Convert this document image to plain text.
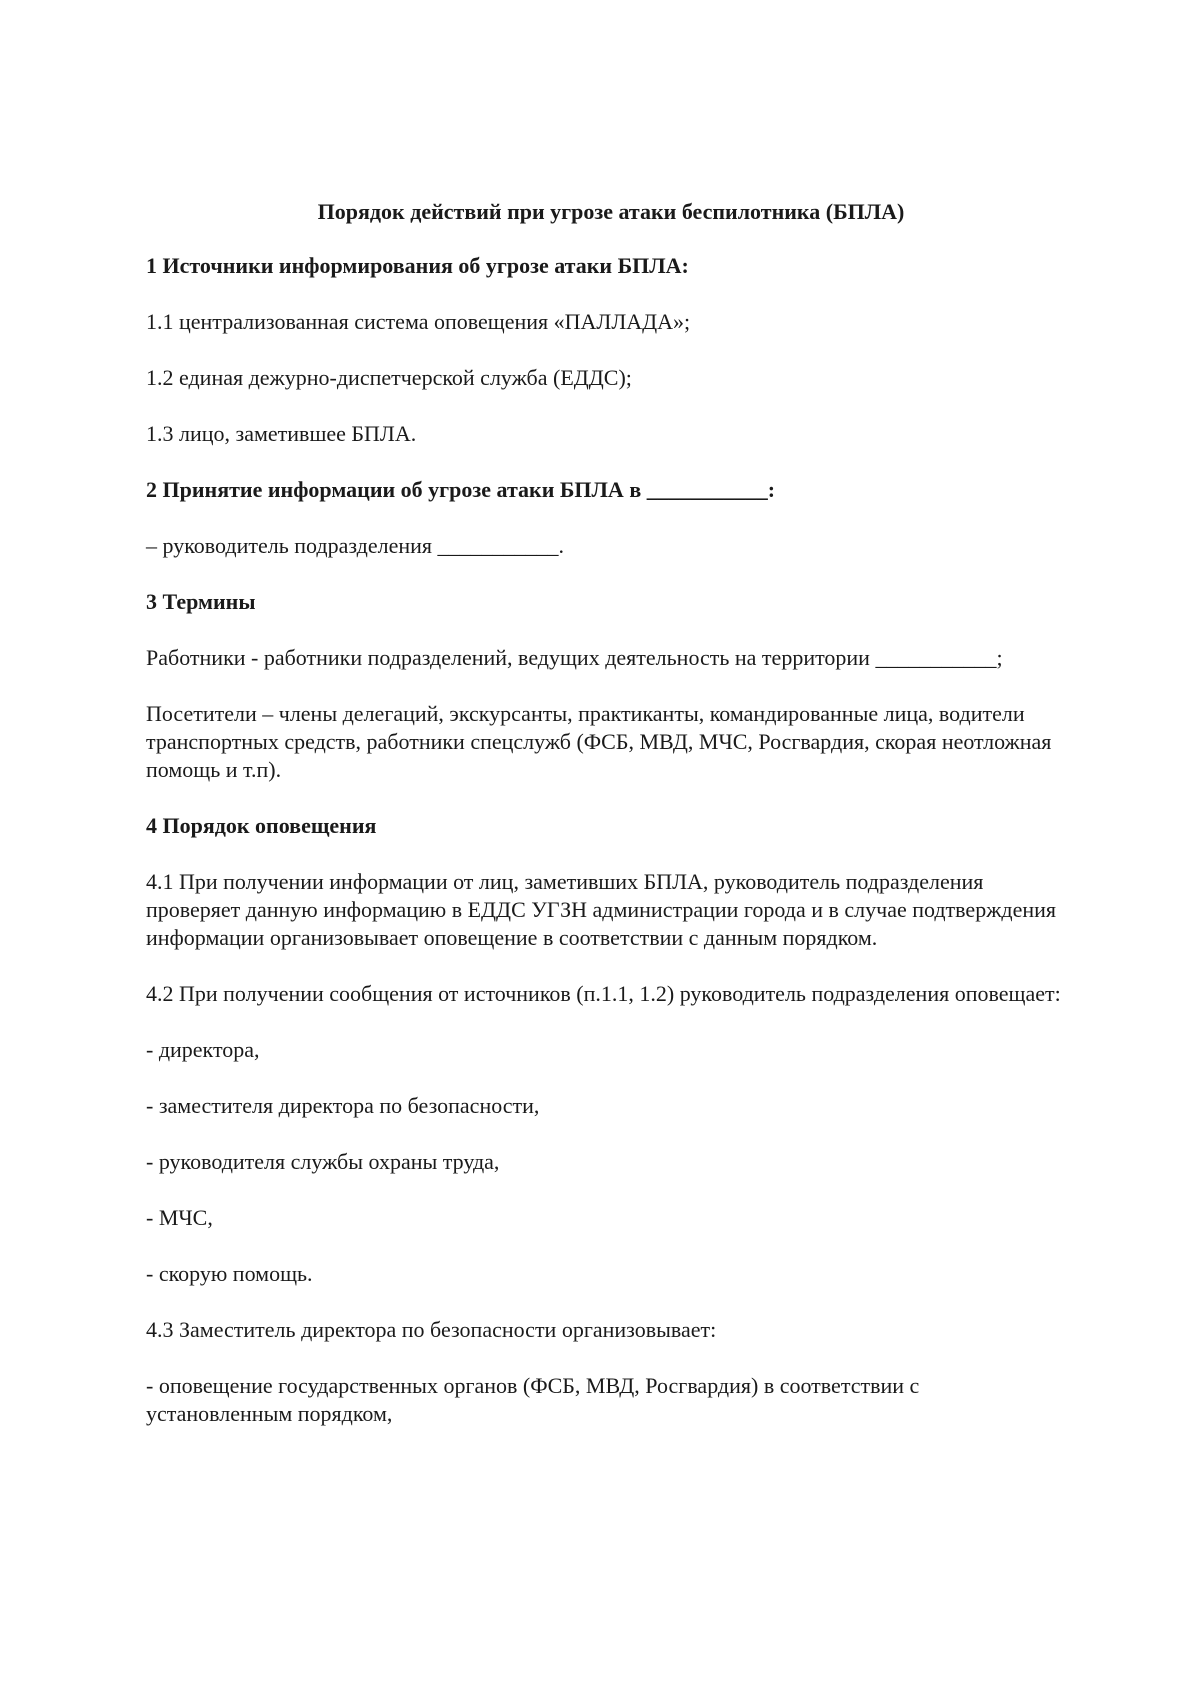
Порядок действий при угрозе атаки беспилотника (БПЛА)

1 Источники информирования об угрозе атаки БПЛА:

1.1 централизованная система оповещения «ПАЛЛАДА»;

1.2 единая дежурно-диспетчерской служба (ЕДДС);

1.3 лицо, заметившее БПЛА.

2 Принятие информации об угрозе атаки БПЛА в ___________:

– руководитель подразделения ___________.

3 Термины

Работники - работники подразделений, ведущих деятельность на территории ___________;

Посетители – члены делегаций, экскурсанты, практиканты, командированные лица, водители транспортных средств, работники спецслужб (ФСБ, МВД, МЧС, Росгвардия, скорая неотложная помощь и т.п).

4 Порядок оповещения

4.1 При получении информации от лиц, заметивших БПЛА, руководитель подразделения проверяет данную информацию в ЕДДС УГЗН администрации города и в случае подтверждения информации организовывает оповещение в соответствии с данным порядком.

4.2 При получении сообщения от источников (п.1.1, 1.2) руководитель подразделения оповещает:

- директора,

- заместителя директора по безопасности,

- руководителя службы охраны труда,

- МЧС,

- скорую помощь.

4.3 Заместитель директора по безопасности организовывает:

- оповещение государственных органов (ФСБ, МВД, Росгвардия) в соответствии с установленным порядком,
